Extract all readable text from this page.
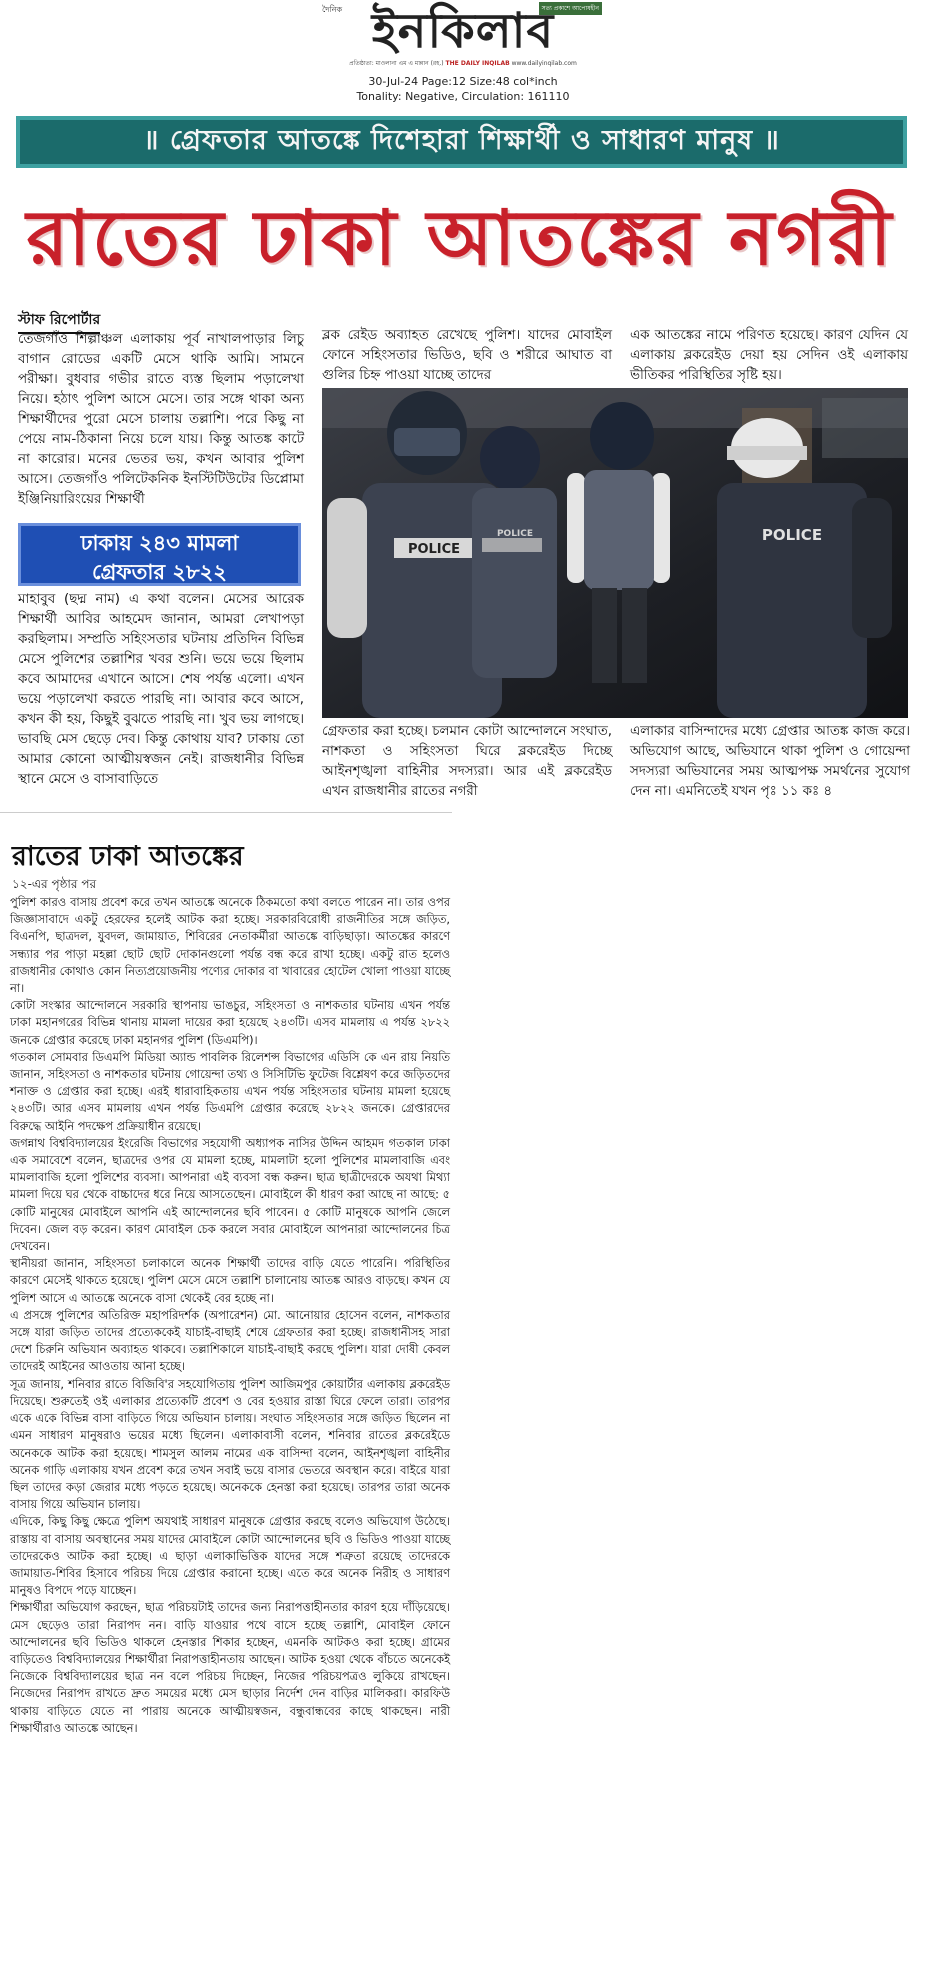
দৈনিক	সত্য প্রকাশে আপোষহীন
ইনকিলাব
প্রতিষ্ঠাতা: মাওলানা এম এ মান্নান (রহ.) THE DAILY INQILAB www.dailyinqilab.com
30-Jul-24 Page:12 Size:48 col*inch
Tonality: Negative, Circulation: 161110
॥ গ্রেফতার আতঙ্কে দিশেহারা শিক্ষার্থী ও সাধারণ মানুষ ॥
রাতের ঢাকা আতঙ্কের নগরী
স্টাফ রিপোর্টার

তেজগাঁও শিল্পাঞ্চল এলাকায় পূর্ব নাখালপাড়ার লিচু বাগান রোডের একটি মেসে থাকি আমি। সামনে পরীক্ষা। বুধবার গভীর রাতে ব্যস্ত ছিলাম পড়ালেখা নিয়ে। হঠাৎ পুলিশ আসে মেসে। তার সঙ্গে থাকা অন্য শিক্ষার্থীদের পুরো মেসে চালায় তল্লাশি। পরে কিছু না পেয়ে নাম-ঠিকানা নিয়ে চলে যায়। কিন্তু আতঙ্ক কাটে না কারোর। মনের ভেতর ভয়, কখন আবার পুলিশ আসে। তেজগাঁও পলিটেকনিক ইনস্টিটিউটের ডিপ্লোমা ইঞ্জিনিয়ারিংয়ের শিক্ষার্থী

ঢাকায় ২৪৩ মামলা
গ্রেফতার ২৮২২

মাহাবুব (ছদ্ম নাম) এ কথা বলেন। মেসের আরেক শিক্ষার্থী আবির আহমেদ জানান, আমরা লেখাপড়া করছিলাম। সম্প্রতি সহিংসতার ঘটনায় প্রতিদিন বিভিন্ন মেসে পুলিশের তল্লাশির খবর শুনি। ভয়ে ভয়ে ছিলাম কবে আমাদের এখানে আসে। শেষ পর্যন্ত এলো। এখন ভয়ে পড়ালেখা করতে পারছি না। আবার কবে আসে, কখন কী হয়, কিছুই বুঝতে পারছি না। খুব ভয় লাগছে। ভাবছি মেস ছেড়ে দেব। কিন্তু কোথায় যাব? ঢাকায় তো আমার কোনো আত্মীয়স্বজন নেই। রাজধানীর বিভিন্ন স্থানে মেসে ও বাসাবাড়িতে

ব্লক রেইড অব্যাহত রেখেছে পুলিশ। যাদের মোবাইল ফোনে সহিংসতার ভিডিও, ছবি ও শরীরে আঘাত বা গুলির চিহ্ন পাওয়া যাচ্ছে তাদের

এক আতঙ্কের নামে পরিণত হয়েছে। কারণ যেদিন যে এলাকায় ব্লকরেইড দেয়া হয় সেদিন ওই এলাকায় ভীতিকর পরিস্থিতির সৃষ্টি হয়।

POLICE
POLICE
POLICE

গ্রেফতার করা হচ্ছে। চলমান কোটা আন্দোলনে সংঘাত, নাশকতা ও সহিংসতা ঘিরে ব্লকরেইড দিচ্ছে আইনশৃঙ্খলা বাহিনীর সদস্যরা। আর এই ব্লকরেইড এখন রাজধানীর রাতের নগরী

এলাকার বাসিন্দাদের মধ্যে গ্রেপ্তার আতঙ্ক কাজ করে। অভিযোগ আছে, অভিযানে থাকা পুলিশ ও গোয়েন্দা সদস্যরা অভিযানের সময় আত্মপক্ষ সমর্থনের সুযোগ দেন না। এমনিতেই যখন পৃঃ ১১ কঃ ৪

রাতের ঢাকা আতঙ্কের
১২-এর পৃষ্ঠার পর

পুলিশ কারও বাসায় প্রবেশ করে তখন আতঙ্কে অনেকে ঠিকমতো কথা বলতে পারেন না। তার ওপর জিজ্ঞাসাবাদে একটু হেরফের হলেই আটক করা হচ্ছে। সরকারবিরোধী রাজনীতির সঙ্গে জড়িত, বিএনপি, ছাত্রদল, যুবদল, জামায়াত, শিবিরের নেতাকর্মীরা আতঙ্কে বাড়িছাড়া। আতঙ্কের কারণে সন্ধ্যার পর পাড়া মহল্লা ছোট ছোট দোকানগুলো পর্যন্ত বন্ধ করে রাখা হচ্ছে। একটু রাত হলেও রাজধানীর কোথাও কোন নিত্যপ্রয়োজনীয় পণ্যের দোকার বা খাবারের হোটেল খোলা পাওয়া যাচ্ছে না।

কোটা সংস্কার আন্দোলনে সরকারি স্থাপনায় ভাঙচুর, সহিংসতা ও নাশকতার ঘটনায় এখন পর্যন্ত ঢাকা মহানগরের বিভিন্ন থানায় মামলা দায়ের করা হয়েছে ২৪৩টি। এসব মামলায় এ পর্যন্ত ২৮২২ জনকে গ্রেপ্তার করেছে ঢাকা মহানগর পুলিশ (ডিএমপি)।

গতকাল সোমবার ডিএমপি মিডিয়া অ্যান্ড পাবলিক রিলেশন্স বিভাগের এডিসি কে এন রায় নিয়তি জানান, সহিংসতা ও নাশকতার ঘটনায় গোয়েন্দা তথ্য ও সিসিটিভি ফুটেজ বিশ্লেষণ করে জড়িতদের শনাক্ত ও গ্রেপ্তার করা হচ্ছে। এরই ধারাবাহিকতায় এখন পর্যন্ত সহিংসতার ঘটনায় মামলা হয়েছে ২৪৩টি। আর এসব মামলায় এখন পর্যন্ত ডিএমপি গ্রেপ্তার করেছে ২৮২২ জনকে। গ্রেপ্তারদের বিরুদ্ধে আইনি পদক্ষেপ প্রক্রিয়াধীন রয়েছে।

জগন্নাথ বিশ্ববিদ্যালয়ের ইংরেজি বিভাগের সহযোগী অধ্যাপক নাসির উদ্দিন আহমদ গতকাল ঢাকা এক সমাবেশে বলেন, ছাত্রদের ওপর যে মামলা হচ্ছে, মামলাটা হলো পুলিশের মামলাবাজি এবং মামলাবাজি হলো পুলিশের ব্যবসা। আপনারা এই ব্যবসা বন্ধ করুন। ছাত্র ছাত্রীদেরকে অযথা মিথ্যা মামলা দিয়ে ঘর থেকে বাচ্চাদের ধরে নিয়ে আসতেছেন। মোবাইলে কী ধারণ করা আছে না আছে: ৫ কোটি মানুষের মোবাইলে আপনি এই আন্দোলনের ছবি পাবেন। ৫ কোটি মানুষকে আপনি জেলে দিবেন। জেল বড় করেন। কারণ মোবাইল চেক করলে সবার মোবাইলে আপনারা আন্দোলনের চিত্র দেখবেন।

স্থানীয়রা জানান, সহিংসতা চলাকালে অনেক শিক্ষার্থী তাদের বাড়ি যেতে পারেনি। পরিস্থিতির কারণে মেসেই থাকতে হয়েছে। পুলিশ মেসে মেসে তল্লাশি চালানোয় আতঙ্ক আরও বাড়ছে। কখন যে পুলিশ আসে এ আতঙ্কে অনেকে বাসা থেকেই বের হচ্ছে না।

এ প্রসঙ্গে পুলিশের অতিরিক্ত মহাপরিদর্শক (অপারেশন) মো. আনোয়ার হোসেন বলেন, নাশকতার সঙ্গে যারা জড়িত তাদের প্রত্যেককেই যাচাই-বাছাই শেষে গ্রেফতার করা হচ্ছে। রাজধানীসহ সারা দেশে চিরুনি অভিযান অব্যাহত থাকবে। তল্লাশিকালে যাচাই-বাছাই করছে পুলিশ। যারা দোষী কেবল তাদেরই আইনের আওতায় আনা হচ্ছে।

সূত্র জানায়, শনিবার রাতে বিজিবি'র সহযোগিতায় পুলিশ আজিমপুর কোয়ার্টার এলাকায় ব্লকরেইড দিয়েছে। শুরুতেই ওই এলাকার প্রত্যেকটি প্রবেশ ও বের হওয়ার রাস্তা ঘিরে ফেলে তারা। তারপর একে একে বিভিন্ন বাসা বাড়িতে গিয়ে অভিযান চালায়। সংঘাত সহিংসতার সঙ্গে জড়িত ছিলেন না এমন সাধারণ মানুষরাও ভয়ের মধ্যে ছিলেন। এলাকাবাসী বলেন, শনিবার রাতের ব্লকরেইডে অনেককে আটক করা হয়েছে। শামসুল আলম নামের এক বাসিন্দা বলেন, আইনশৃঙ্খলা বাহিনীর অনেক গাড়ি এলাকায় যখন প্রবেশ করে তখন সবাই ভয়ে বাসার ভেতরে অবস্থান করে। বাইরে যারা ছিল তাদের কড়া জেরার মধ্যে পড়তে হয়েছে। অনেককে হেনস্তা করা হয়েছে। তারপর তারা অনেক বাসায় গিয়ে অভিযান চালায়।

এদিকে, কিছু কিছু ক্ষেত্রে পুলিশ অযথাই সাধারণ মানুষকে গ্রেপ্তার করছে বলেও অভিযোগ উঠেছে। রাস্তায় বা বাসায় অবস্থানের সময় যাদের মোবাইলে কোটা আন্দোলনের ছবি ও ভিডিও পাওয়া যাচ্ছে তাদেরকেও আটক করা হচ্ছে। এ ছাড়া এলাকাভিত্তিক যাদের সঙ্গে শত্রুতা রয়েছে তাদেরকে জামায়াত-শিবির হিসাবে পরিচয় দিয়ে গ্রেপ্তার করানো হচ্ছে। এতে করে অনেক নিরীহ ও সাধারণ মানুষও বিপদে পড়ে যাচ্ছেন।

শিক্ষার্থীরা অভিযোগ করছেন, ছাত্র পরিচয়টাই তাদের জন্য নিরাপত্তাহীনতার কারণ হয়ে দাঁড়িয়েছে। মেস ছেড়েও তারা নিরাপদ নন। বাড়ি যাওয়ার পথে বাসে হচ্ছে তল্লাশি, মোবাইল ফোনে আন্দোলনের ছবি ভিডিও থাকলে হেনস্তার শিকার হচ্ছেন, এমনকি আটকও করা হচ্ছে। গ্রামের বাড়িতেও বিশ্ববিদ্যালয়ের শিক্ষার্থীরা নিরাপত্তাহীনতায় আছেন। আটক হওয়া থেকে বাঁচতে অনেকেই নিজেকে বিশ্ববিদ্যালয়ের ছাত্র নন বলে পরিচয় দিচ্ছেন, নিজের পরিচয়পত্রও লুকিয়ে রাখছেন। নিজেদের নিরাপদ রাখতে দ্রুত সময়ের মধ্যে মেস ছাড়ার নির্দেশ দেন বাড়ির মালিকরা। কারফিউ থাকায় বাড়িতে যেতে না পারায় অনেকে আত্মীয়স্বজন, বন্ধুবান্ধবের কাছে থাকছেন। নারী শিক্ষার্থীরাও আতঙ্কে আছেন।
